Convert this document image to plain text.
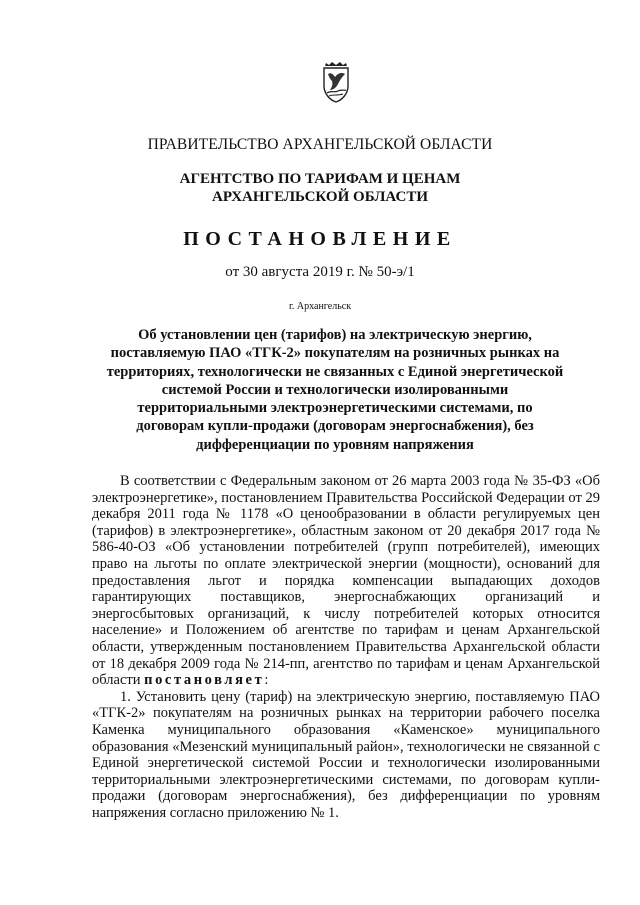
ПРАВИТЕЛЬСТВО АРХАНГЕЛЬСКОЙ ОБЛАСТИ
АГЕНТСТВО ПО ТАРИФАМ И ЦЕНАМ
АРХАНГЕЛЬСКОЙ ОБЛАСТИ
ПОСТАНОВЛЕНИЕ
от 30 августа 2019 г. № 50-э/1
г. Архангельск
Об установлении цен (тарифов) на электрическую энергию, поставляемую ПАО «ТГК-2» покупателям на розничных рынках на территориях, технологически не связанных с Единой энергетической системой России и технологически изолированными территориальными электроэнергетическими системами, по договорам купли-продажи (договорам энергоснабжения), без дифференциации по уровням напряжения

В соответствии с Федеральным законом от 26 марта 2003 года № 35-ФЗ «Об электроэнергетике», постановлением Правительства Российской Федерации от 29 декабря 2011 года № 1178 «О ценообразовании в области регулируемых цен (тарифов) в электроэнергетике», областным законом от 20 декабря 2017 года № 586-40-ОЗ «Об установлении потребителей (групп потребителей), имеющих право на льготы по оплате электрической энергии (мощности), оснований для предоставления льгот и порядка компенсации выпадающих доходов гарантирующих поставщиков, энергоснабжающих организаций и энергосбытовых организаций, к числу потребителей которых относится население» и Положением об агентстве по тарифам и ценам Архангельской области, утвержденным постановлением Правительства Архангельской области от 18 декабря 2009 года № 214-пп, агентство по тарифам и ценам Архангельской области постановляет:

1. Установить цену (тариф) на электрическую энергию, поставляемую ПАО «ТГК-2» покупателям на розничных рынках на территории рабочего поселка Каменка муниципального образования «Каменское» муниципального образования «Мезенский муниципальный район», технологически не связанной с Единой энергетической системой России и технологически изолированными территориальными электроэнергетическими системами, по договорам купли-продажи (договорам энергоснабжения), без дифференциации по уровням напряжения согласно приложению № 1.
